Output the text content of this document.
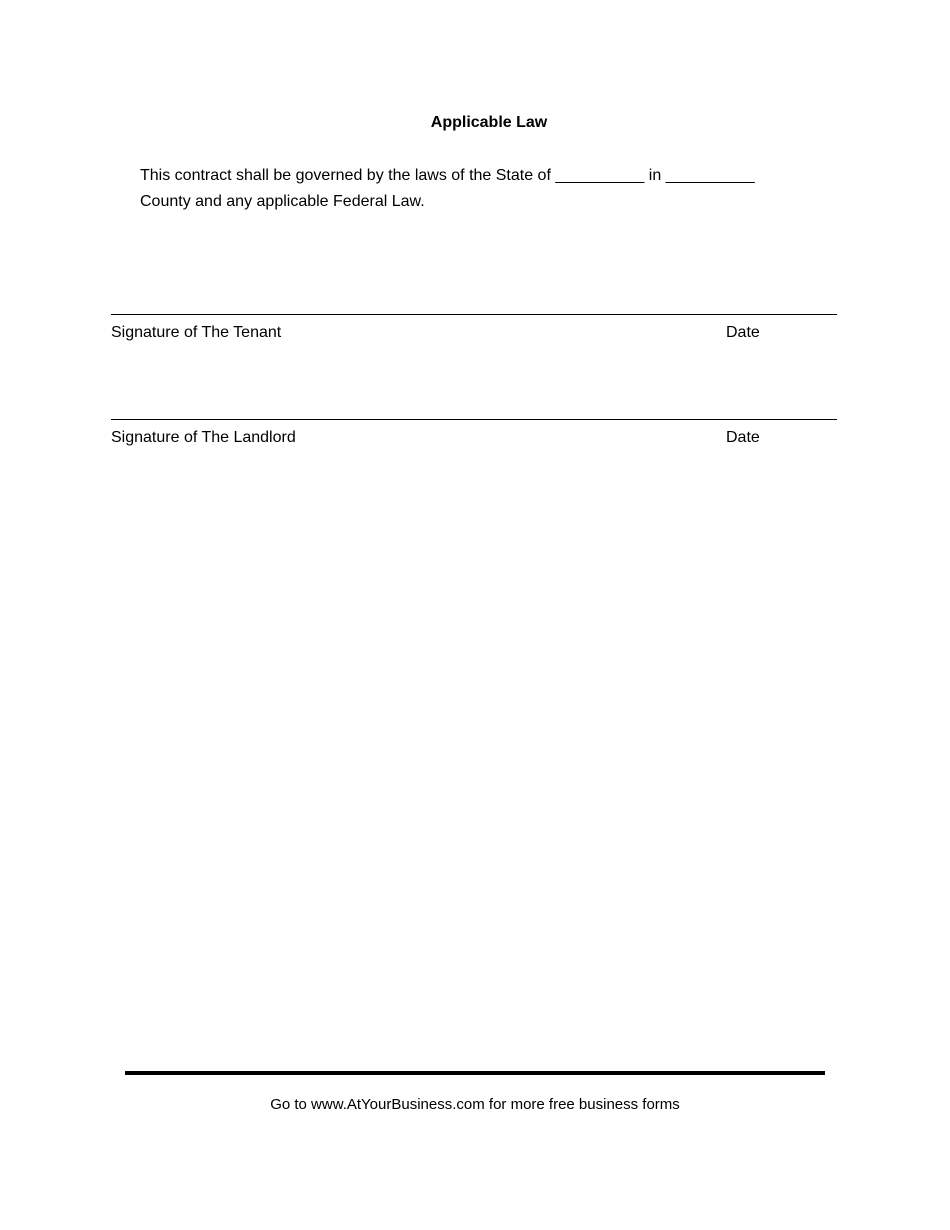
Applicable Law
This contract shall be governed by the laws of the State of __________ in __________
County and any applicable Federal Law.
Signature of The Tenant	Date
Signature of The Landlord	Date
Go to www.AtYourBusiness.com for more free business forms
